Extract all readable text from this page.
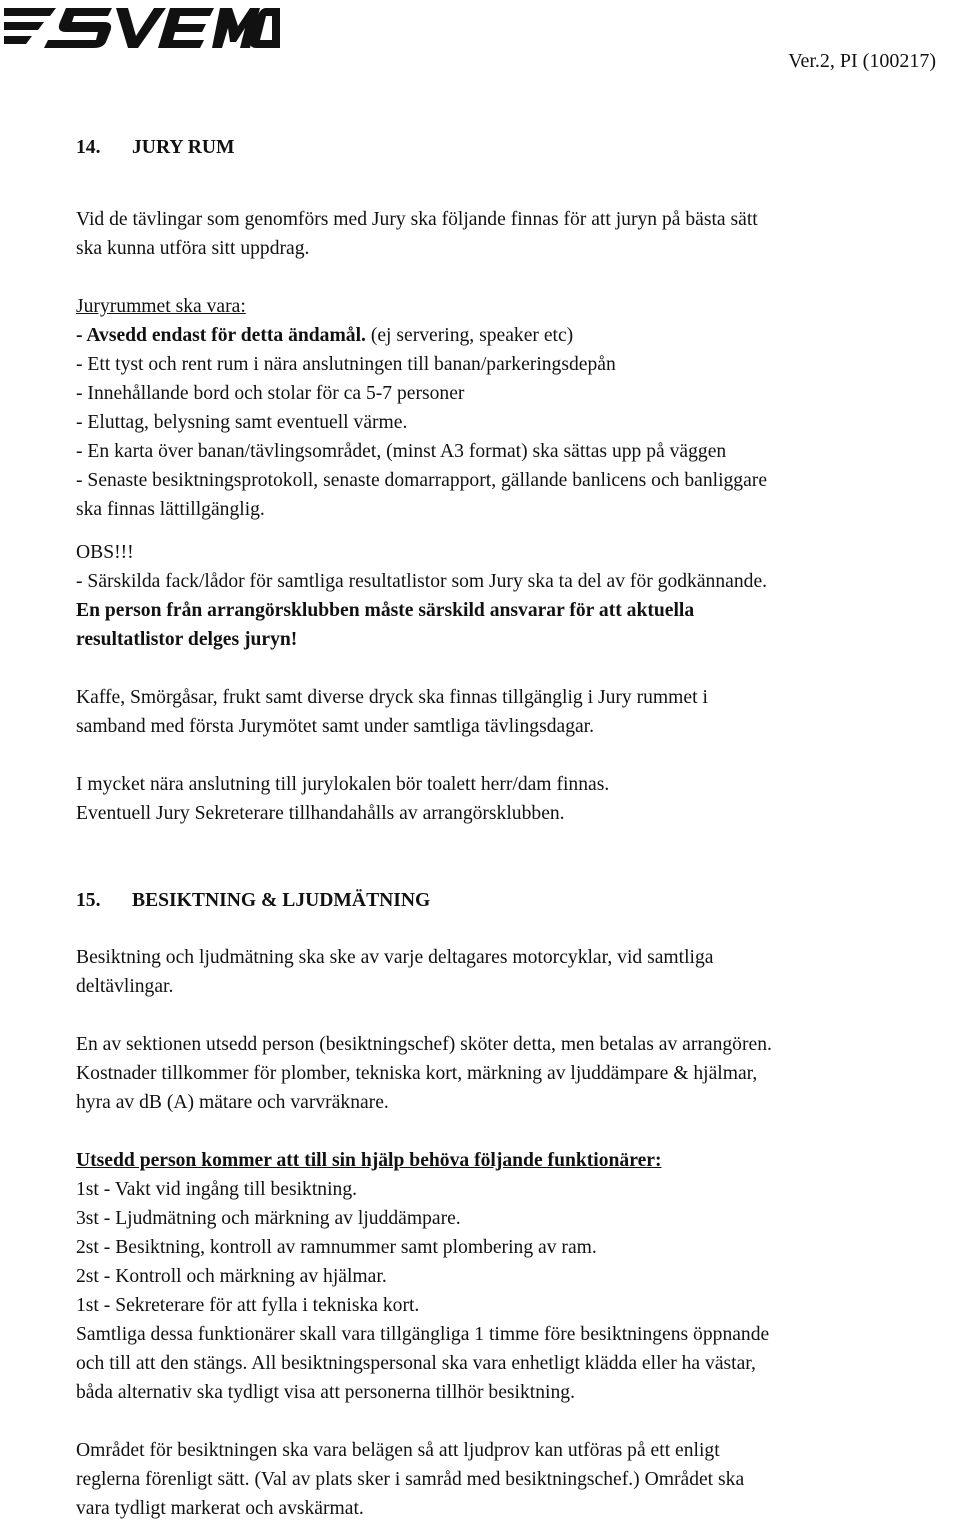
Ver.2, PI (100217)
14. JURY RUM
Vid de tävlingar som genomförs med Jury ska följande finnas för att juryn på bästa sätt
ska kunna utföra sitt uppdrag.
Juryrummet ska vara:
- Avsedd endast för detta ändamål. (ej servering, speaker etc)
- Ett tyst och rent rum i nära anslutningen till banan/parkeringsdepån
- Innehållande bord och stolar för ca 5-7 personer
- Eluttag, belysning samt eventuell värme.
- En karta över banan/tävlingsområdet, (minst A3 format) ska sättas upp på väggen
- Senaste besiktningsprotokoll, senaste domarrapport, gällande banlicens och banliggare
ska finnas lättillgänglig.
OBS!!!
- Särskilda fack/lådor för samtliga resultatlistor som Jury ska ta del av för godkännande.
En person från arrangörsklubben måste särskild ansvarar för att aktuella
resultatlistor delges juryn!
Kaffe, Smörgåsar, frukt samt diverse dryck ska finnas tillgänglig i Jury rummet i
samband med första Jurymötet samt under samtliga tävlingsdagar.
I mycket nära anslutning till jurylokalen bör toalett herr/dam finnas.
Eventuell Jury Sekreterare tillhandahålls av arrangörsklubben.
15. BESIKTNING & LJUDMÄTNING
Besiktning och ljudmätning ska ske av varje deltagares motorcyklar, vid samtliga
deltävlingar.
En av sektionen utsedd person (besiktningschef) sköter detta, men betalas av arrangören.
Kostnader tillkommer för plomber, tekniska kort, märkning av ljuddämpare & hjälmar,
hyra av dB (A) mätare och varvräknare.
Utsedd person kommer att till sin hjälp behöva följande funktionärer:
1st - Vakt vid ingång till besiktning.
3st - Ljudmätning och märkning av ljuddämpare.
2st - Besiktning, kontroll av ramnummer samt plombering av ram.
2st - Kontroll och märkning av hjälmar.
1st - Sekreterare för att fylla i tekniska kort.
Samtliga dessa funktionärer skall vara tillgängliga 1 timme före besiktningens öppnande
och till att den stängs. All besiktningspersonal ska vara enhetligt klädda eller ha västar,
båda alternativ ska tydligt visa att personerna tillhör besiktning.
Området för besiktningen ska vara belägen så att ljudprov kan utföras på ett enligt
reglerna förenligt sätt. (Val av plats sker i samråd med besiktningschef.) Området ska
vara tydligt markerat och avskärmat.
